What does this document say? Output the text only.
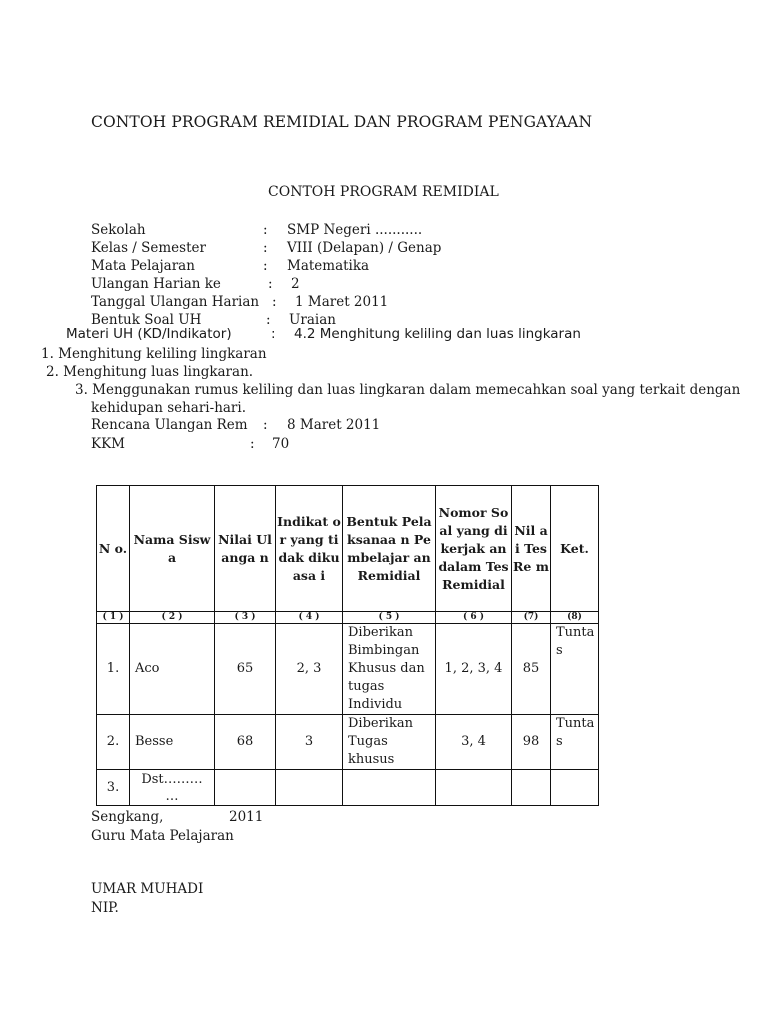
CONTOH PROGRAM REMIDIAL DAN PROGRAM PENGAYAAN
CONTOH PROGRAM REMIDIAL
Sekolah	: SMP Negeri ...........
Kelas / Semester	: VIII (Delapan) / Genap
Mata Pelajaran	: Matematika
Ulangan Harian ke	: 2
Tanggal Ulangan Harian : 1 Maret 2011
Bentuk Soal UH	: Uraian
Materi UH (KD/Indikator)	: 4.2 Menghitung keliling dan luas lingkaran
1. Menghitung keliling lingkaran
2. Menghitung luas lingkaran.
3. Menggunakan rumus keliling dan luas lingkaran dalam memecahkan soal yang terkait dengan
kehidupan sehari-hari.
Rencana Ulangan Rem : 8 Maret 2011
KKM	: 70
N o.	Nama Siswa	Nilai Ulanga n	Indikat or yang tidak dikuasa i	Bentuk Pelaksanaa n Pembelajar an Remidial	Nomor Soal yang dikerjak an dalam Tes Remidial	Nil ai Tes Re m	Ket.

( 1 )	( 2 )	( 3 )	( 4 )	( 5 )	( 6 )	(7)	(8)
1.	Aco	65	2, 3	Diberikan Bimbingan Khusus dan tugas Individu	1, 2, 3, 4	85	Tunta s

2.	Besse	68	3	Diberikan Tugas khusus	3, 4	98	Tunta s

3.	Dst………
…						

Sengkang,	2011
Guru Mata Pelajaran
UMAR MUHADI
NIP.
